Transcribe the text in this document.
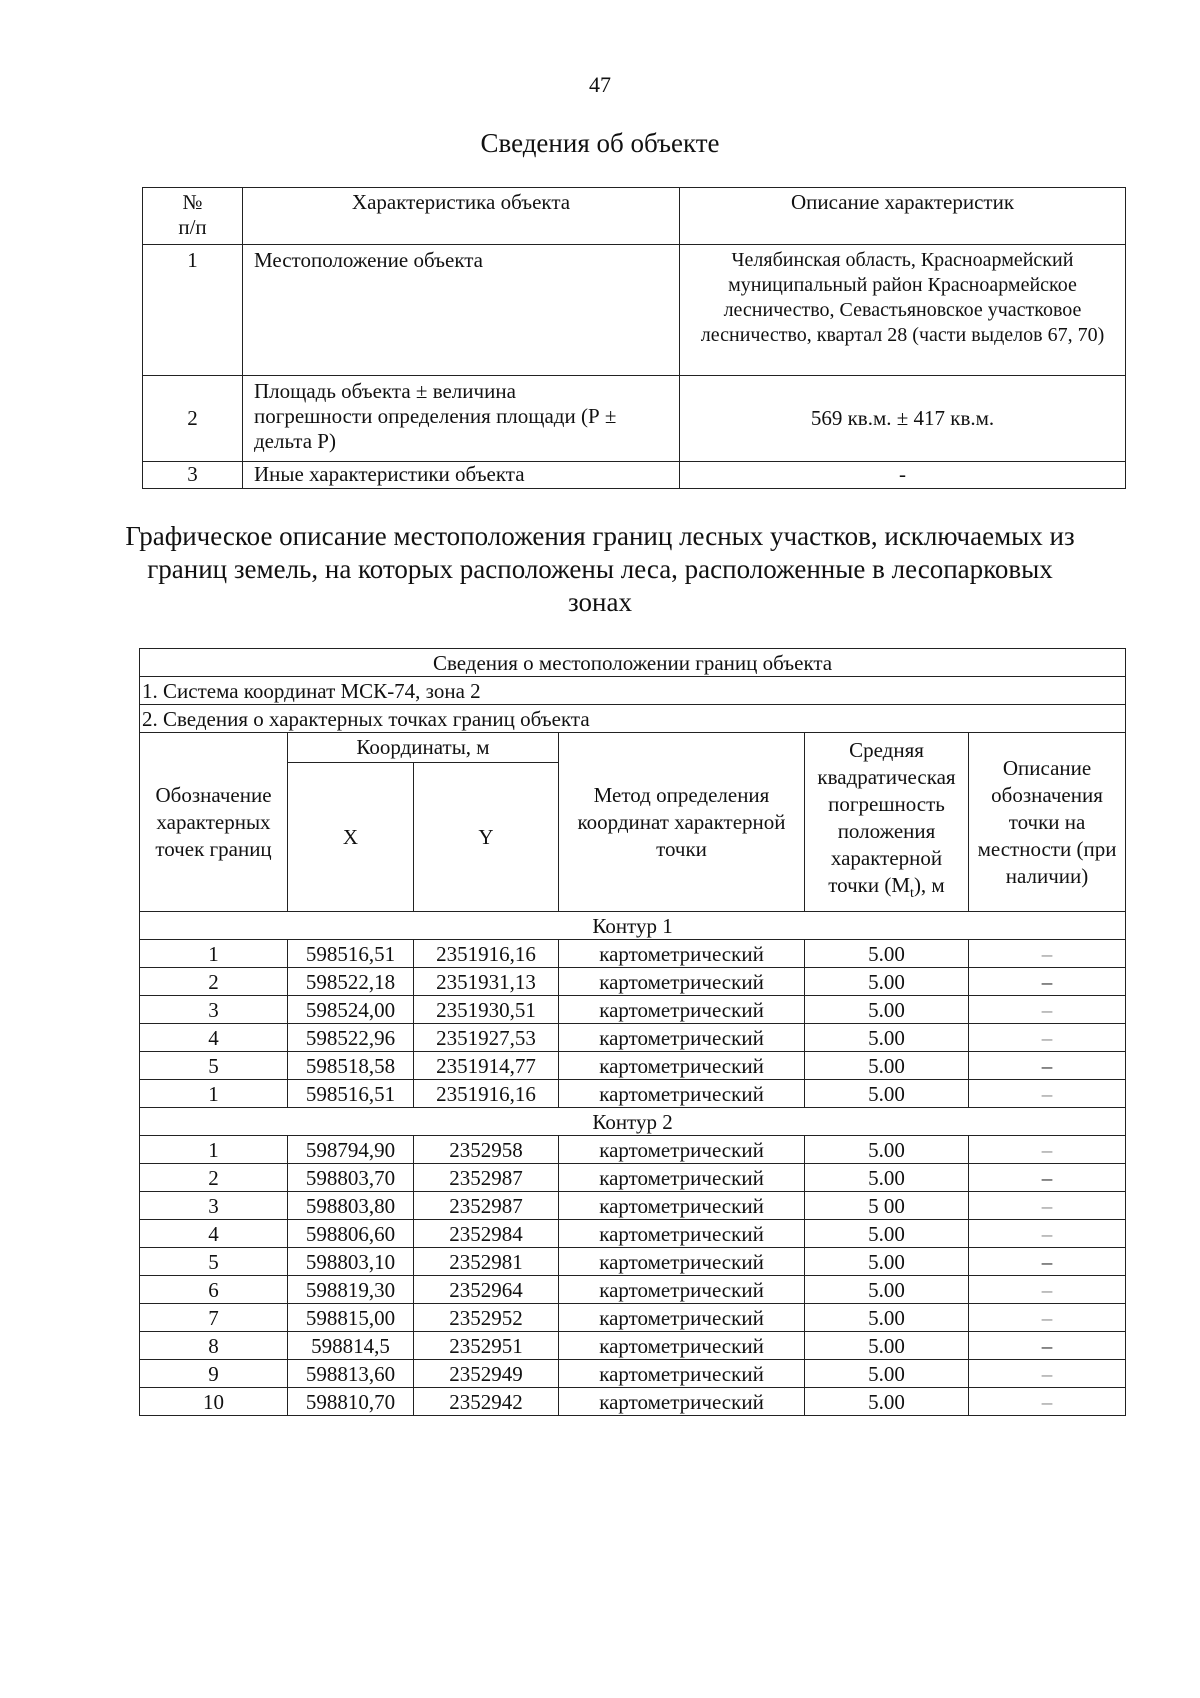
47
Сведения об объекте
№ п/п	Характеристика объекта	Описание характеристик
1	Местоположение объекта	Челябинская область, Красноармейский муниципальный район Красноармейское лесничество, Севастьяновское участковое лесничество, квартал 28 (части выделов 67, 70)
2	Площадь объекта ± величина погрешности определения площади (Р ± дельта Р)	569 кв.м. ± 417 кв.м.
3	Иные характеристики объекта	-
Графическое описание местоположения границ лесных участков, исключаемых из границ земель, на которых расположены леса, расположенные в лесопарковых зонах
Сведения о местоположении границ объекта					
1. Система координат МСК-74, зона 2					
2. Сведения о характерных точках границ объекта					

Обозначение характерных точек границ	Координаты, м		Метод определения координат характерной точки	Средняя квадратическая погрешность положения характерной точки $(M_t)$, м	Описание обозначения точки на местности (при наличии)

	X	Y			
Контур 1					
1	598516,51	2351916,16	картометрический	5.00	–
2	598522,18	2351931,13	картометрический	5.00	–
3	598524,00	2351930,51	картометрический	5.00	–
4	598522,96	2351927,53	картометрический	5.00	–
5	598518,58	2351914,77	картометрический	5.00	–
1	598516,51	2351916,16	картометрический	5.00	–
Контур 2					
1	598794,90	2352958	картометрический	5.00	–
2	598803,70	2352987	картометрический	5.00	–
3	598803,80	2352987	картометрический	5 00	–
4	598806,60	2352984	картометрический	5.00	–
5	598803,10	2352981	картометрический	5.00	–
6	598819,30	2352964	картометрический	5.00	–
7	598815,00	2352952	картометрический	5.00	–
8	598814,5	2352951	картометрический	5.00	–
9	598813,60	2352949	картометрический	5.00	–
10	598810,70	2352942	картометрический	5.00	–
